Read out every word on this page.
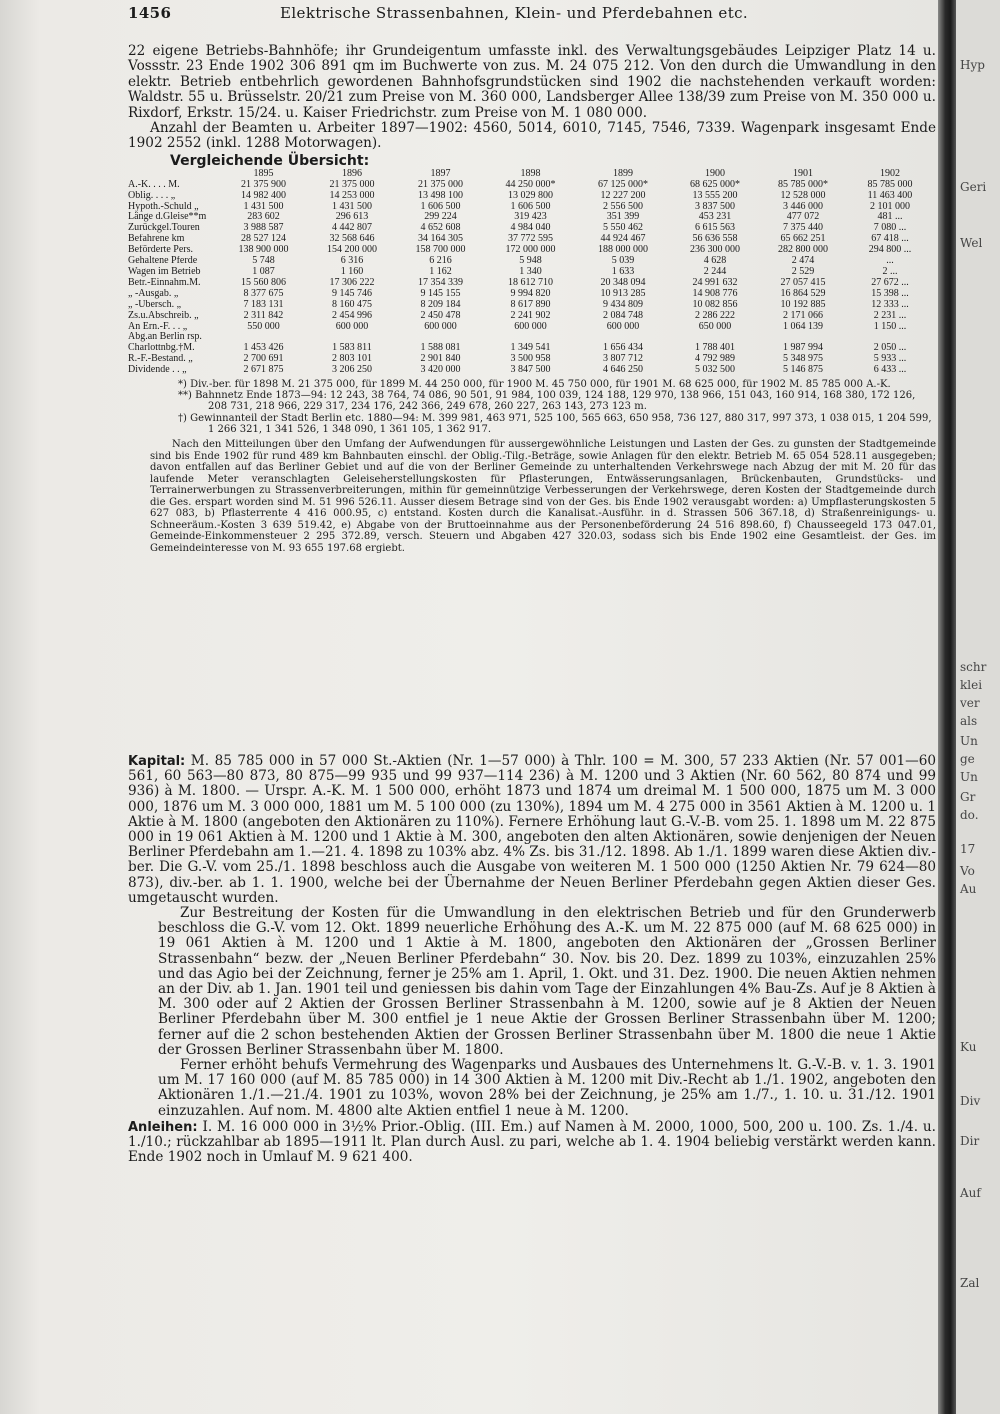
Hyp
Geri
Wel
schr
klei
ver
als
Un
ge
Un
Gr
do.
17
Vo
Au
Ku
Div
Dir
Auf
Zal
1456	Elektrische Strassenbahnen, Klein- und Pferdebahnen etc.

22 eigene Betriebs-Bahnhöfe; ihr Grundeigentum umfasste inkl. des Verwaltungsgebäudes Leipziger Platz 14 u. Vossstr. 23 Ende 1902 306 891 qm im Buchwerte von zus. M. 24 075 212. Von den durch die Umwandlung in den elektr. Betrieb entbehrlich gewordenen Bahnhofsgrundstücken sind 1902 die nachstehenden verkauft worden: Waldstr. 55 u. Brüsselstr. 20/21 zum Preise von M. 360 000, Landsberger Allee 138/39 zum Preise von M. 350 000 u. Rixdorf, Erkstr. 15/24. u. Kaiser Friedrichstr. zum Preise von M. 1 080 000.

Anzahl der Beamten u. Arbeiter 1897—1902: 4560, 5014, 6010, 7145, 7546, 7339. Wagenpark insgesamt Ende 1902 2552 (inkl. 1288 Motorwagen).

Vergleichende Übersicht:

	1895	1896	1897	1898	1899	1900	1901	1902
A.-K. . . . M.	21 375 900	21 375 000	21 375 000	44 250 000*	67 125 000*	68 625 000*	85 785 000*	85 785 000
Oblig. . . . „	14 982 400	14 253 000	13 498 100	13 029 800	12 227 200	13 555 200	12 528 000	11 463 400
Hypoth.-Schuld „	1 431 500	1 431 500	1 606 500	1 606 500	2 556 500	3 837 500	3 446 000	2 101 000
Länge d.Gleise**m	283 602	296 613	299 224	319 423	351 399	453 231	477 072	481 ...
Zurückgel.Touren	3 988 587	4 442 807	4 652 608	4 984 040	5 550 462	6 615 563	7 375 440	7 080 ...
Befahrene km	28 527 124	32 568 646	34 164 305	37 772 595	44 924 467	56 636 558	65 662 251	67 418 ...
Beförderte Pers.	138 900 000	154 200 000	158 700 000	172 000 000	188 000 000	236 300 000	282 800 000	294 800 ...
Gehaltene Pferde	5 748	6 316	6 216	5 948	5 039	4 628	2 474	...
Wagen im Betrieb	1 087	1 160	1 162	1 340	1 633	2 244	2 529	2 ...
Betr.-Einnahm.M.	15 560 806	17 306 222	17 354 339	18 612 710	20 348 094	24 991 632	27 057 415	27 672 ...
„ -Ausgab. „	8 377 675	9 145 746	9 145 155	9 994 820	10 913 285	14 908 776	16 864 529	15 398 ...
„ -Übersch. „	7 183 131	8 160 475	8 209 184	8 617 890	9 434 809	10 082 856	10 192 885	12 333 ...
Zs.u.Abschreib. „	2 311 842	2 454 996	2 450 478	2 241 902	2 084 748	2 286 222	2 171 066	2 231 ...
An Ern.-F. . . „	550 000	600 000	600 000	600 000	600 000	650 000	1 064 139	1 150 ...
Abg.an Berlin rsp.								
Charlottnbg.†M.	1 453 426	1 583 811	1 588 081	1 349 541	1 656 434	1 788 401	1 987 994	2 050 ...
R.-F.-Bestand. „	2 700 691	2 803 101	2 901 840	3 500 958	3 807 712	4 792 989	5 348 975	5 933 ...
Dividende . . „	2 671 875	3 206 250	3 420 000	3 847 500	4 646 250	5 032 500	5 146 875	6 433 ...

*) Div.-ber. für 1898 M. 21 375 000, für 1899 M. 44 250 000, für 1900 M. 45 750 000, für 1901 M. 68 625 000, für 1902 M. 85 785 000 A.-K.

**) Bahnnetz Ende 1873—94: 12 243, 38 764, 74 086, 90 501, 91 984, 100 039, 124 188, 129 970, 138 966, 151 043, 160 914, 168 380, 172 126, 208 731, 218 966, 229 317, 234 176, 242 366, 249 678, 260 227, 263 143, 273 123 m.

†) Gewinnanteil der Stadt Berlin etc. 1880—94: M. 399 981, 463 971, 525 100, 565 663, 650 958, 736 127, 880 317, 997 373, 1 038 015, 1 204 599, 1 266 321, 1 341 526, 1 348 090, 1 361 105, 1 362 917.

Nach den Mitteilungen über den Umfang der Aufwendungen für aussergewöhnliche Leistungen und Lasten der Ges. zu gunsten der Stadtgemeinde sind bis Ende 1902 für rund 489 km Bahnbauten einschl. der Oblig.-Tilg.-Beträge, sowie Anlagen für den elektr. Betrieb M. 65 054 528.11 ausgegeben; davon entfallen auf das Berliner Gebiet und auf die von der Berliner Gemeinde zu unterhaltenden Verkehrswege nach Abzug der mit M. 20 für das laufende Meter veranschlagten Geleiseherstellungskosten für Pflasterungen, Entwässerungsanlagen, Brückenbauten, Grundstücks- und Terrainerwerbungen zu Strassenverbreiterungen, mithin für gemeinnützige Verbesserungen der Verkehrswege, deren Kosten der Stadtgemeinde durch die Ges. erspart worden sind M. 51 996 526.11. Ausser diesem Betrage sind von der Ges. bis Ende 1902 verausgabt worden: a) Umpflasterungskosten 5 627 083, b) Pflasterrente 4 416 000.95, c) entstand. Kosten durch die Kanalisat.-Ausführ. in d. Strassen 506 367.18, d) Straßenreinigungs- u. Schneeräum.-Kosten 3 639 519.42, e) Abgabe von der Bruttoeinnahme aus der Personenbeförderung 24 516 898.60, f) Chausseegeld 173 047.01, Gemeinde-Einkommensteuer 2 295 372.89, versch. Steuern und Abgaben 427 320.03, sodass sich bis Ende 1902 eine Gesamtleist. der Ges. im Gemeindeinteresse von M. 93 655 197.68 ergiebt.

Kapital: M. 85 785 000 in 57 000 St.-Aktien (Nr. 1—57 000) à Thlr. 100 = M. 300, 57 233 Aktien (Nr. 57 001—60 561, 60 563—80 873, 80 875—99 935 und 99 937—114 236) à M. 1200 und 3 Aktien (Nr. 60 562, 80 874 und 99 936) à M. 1800. — Urspr. A.-K. M. 1 500 000, erhöht 1873 und 1874 um dreimal M. 1 500 000, 1875 um M. 3 000 000, 1876 um M. 3 000 000, 1881 um M. 5 100 000 (zu 130%), 1894 um M. 4 275 000 in 3561 Aktien à M. 1200 u. 1 Aktie à M. 1800 (angeboten den Aktionären zu 110%). Fernere Erhöhung laut G.-V.-B. vom 25. 1. 1898 um M. 22 875 000 in 19 061 Aktien à M. 1200 und 1 Aktie à M. 300, angeboten den alten Aktionären, sowie denjenigen der Neuen Berliner Pferdebahn am 1.—21. 4. 1898 zu 103% abz. 4% Zs. bis 31./12. 1898. Ab 1./1. 1899 waren diese Aktien div.-ber. Die G.-V. vom 25./1. 1898 beschloss auch die Ausgabe von weiteren M. 1 500 000 (1250 Aktien Nr. 79 624—80 873), div.-ber. ab 1. 1. 1900, welche bei der Übernahme der Neuen Berliner Pferdebahn gegen Aktien dieser Ges. umgetauscht wurden.

Zur Bestreitung der Kosten für die Umwandlung in den elektrischen Betrieb und für den Grunderwerb beschloss die G.-V. vom 12. Okt. 1899 neuerliche Erhöhung des A.-K. um M. 22 875 000 (auf M. 68 625 000) in 19 061 Aktien à M. 1200 und 1 Aktie à M. 1800, angeboten den Aktionären der „Grossen Berliner Strassenbahn“ bezw. der „Neuen Berliner Pferdebahn“ 30. Nov. bis 20. Dez. 1899 zu 103%, einzuzahlen 25% und das Agio bei der Zeichnung, ferner je 25% am 1. April, 1. Okt. und 31. Dez. 1900. Die neuen Aktien nehmen an der Div. ab 1. Jan. 1901 teil und geniessen bis dahin vom Tage der Einzahlungen 4% Bau-Zs. Auf je 8 Aktien à M. 300 oder auf 2 Aktien der Grossen Berliner Strassenbahn à M. 1200, sowie auf je 8 Aktien der Neuen Berliner Pferdebahn über M. 300 entfiel je 1 neue Aktie der Grossen Berliner Strassenbahn über M. 1200; ferner auf die 2 schon bestehenden Aktien der Grossen Berliner Strassenbahn über M. 1800 die neue 1 Aktie der Grossen Berliner Strassenbahn über M. 1800.

Ferner erhöht behufs Vermehrung des Wagenparks und Ausbaues des Unternehmens lt. G.-V.-B. v. 1. 3. 1901 um M. 17 160 000 (auf M. 85 785 000) in 14 300 Aktien à M. 1200 mit Div.-Recht ab 1./1. 1902, angeboten den Aktionären 1./1.—21./4. 1901 zu 103%, wovon 28% bei der Zeichnung, je 25% am 1./7., 1. 10. u. 31./12. 1901 einzuzahlen. Auf nom. M. 4800 alte Aktien entfiel 1 neue à M. 1200.

Anleihen: I. M. 16 000 000 in 3½% Prior.-Oblig. (III. Em.) auf Namen à M. 2000, 1000, 500, 200 u. 100. Zs. 1./4. u. 1./10.; rückzahlbar ab 1895—1911 lt. Plan durch Ausl. zu pari, welche ab 1. 4. 1904 beliebig verstärkt werden kann. Ende 1902 noch in Umlauf M. 9 621 400.
